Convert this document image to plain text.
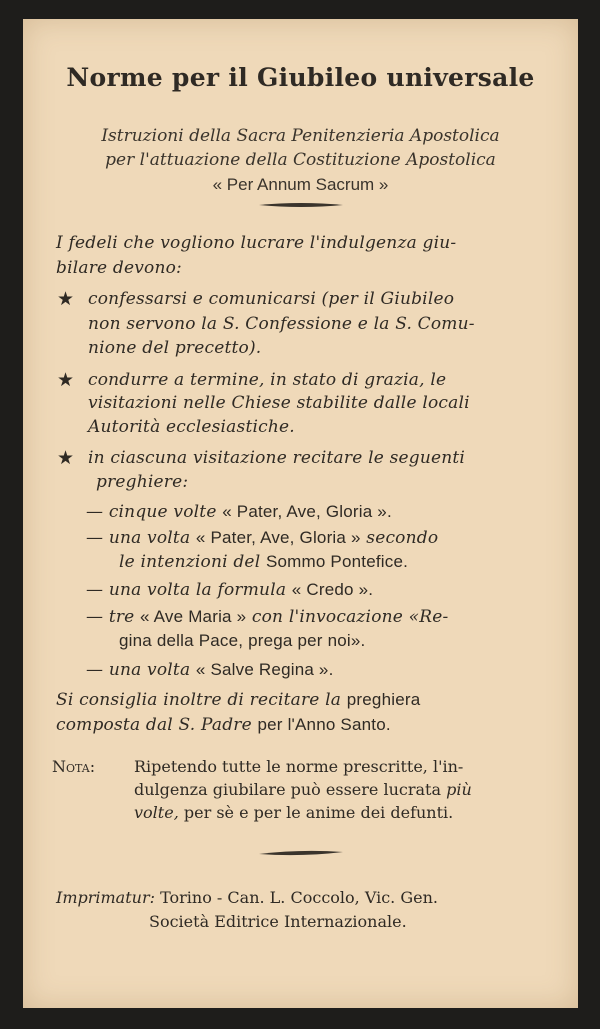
Norme per il Giubileo universale
Istruzioni della Sacra Penitenzieria Apostolica
per l'attuazione della Costituzione Apostolica
« Per Annum Sacrum »
I fedeli che vogliono lucrare l'indulgenza giu-
bilare devono:
★ confessarsi e comunicarsi (per il Giubileo
non servono la S. Confessione e la S. Comu-
nione del precetto).
★ condurre a termine, in stato di grazia, le
visitazioni nelle Chiese stabilite dalle locali
Autorità ecclesiastiche.
★ in ciascuna visitazione recitare le seguenti
preghiere:
— cinque volte « Pater, Ave, Gloria ».
— una volta « Pater, Ave, Gloria » secondo
le intenzioni del Sommo Pontefice.
— una volta la formula « Credo ».
— tre « Ave Maria » con l'invocazione «Re-
gina della Pace, prega per noi».
— una volta « Salve Regina ».
Si consiglia inoltre di recitare la preghiera
composta dal S. Padre per l'Anno Santo.
Nota: Ripetendo tutte le norme prescritte, l'in-
dulgenza giubilare può essere lucrata più
volte, per sè e per le anime dei defunti.
Imprimatur: Torino - Can. L. Coccolo, Vic. Gen.
Società Editrice Internazionale.
